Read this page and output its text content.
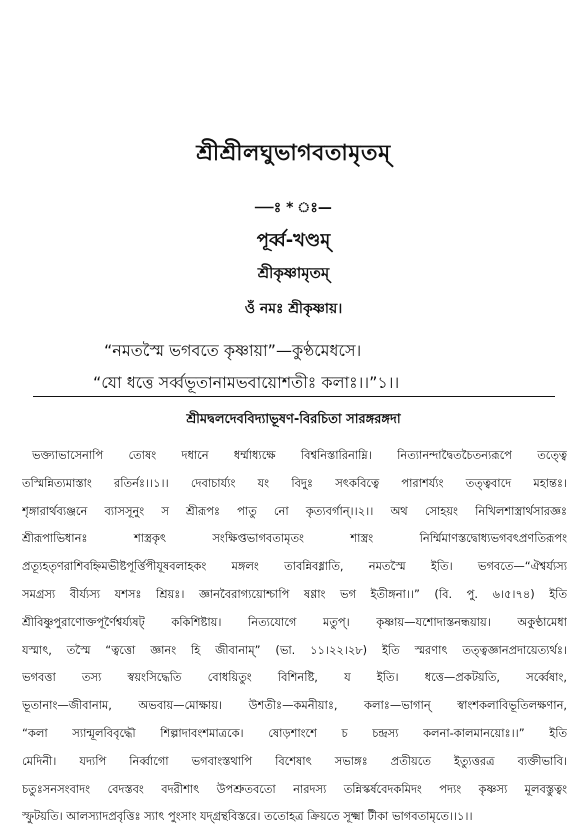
শ্রীশ্রীলঘুভাগবতামৃতম্‌
—ঃ * ঃ—
পূর্ব্ব-খণ্ডম্‌
শ্রীকৃষ্ণামৃতম্‌
ওঁ নমঃ শ্রীকৃষ্ণায়।
“নমতস্মৈ ভগবতে কৃষ্ণায়া”—কুণ্ঠমেধসে।
“যো ধত্তে সর্ব্বভূতানামভবায়োশতীঃ কলাঃ।।”১।।
শ্রীমদ্বলদেববিদ্যাভূষণ-বিরচিতা সারঙ্গরঙ্গদা
ভক্ত্যাভাসেনাপি তোষং দধানে ধর্ম্মাধ্যক্ষে বিশ্বনিস্তারিনাম্নি। নিত্যানন্দাদ্বৈতচৈতন্যরূপে তত্ত্বে
তস্মিন্নিত্যমাস্তাং রতির্নঃ।।১।। দেবাচার্য্যং যং বিদুঃ সৎকবিত্বে পারাশর্য্যং তত্ত্ববাদে মহান্তঃ।
শৃঙ্গারার্থব্যঞ্জনে ব্যাসসূনুং স শ্রীরূপঃ পাতু নো কৃত্যবর্গান্‌।।২।। অথ সোহয়ং নিখিলশাস্ত্রার্থসারজ্ঞঃ
শ্রীরূপাভিধানঃ শাস্ত্রকৃৎ সংক্ষিপ্তভাগবতামৃতং শাস্ত্রং নির্ম্মিমাণস্তদ্বোধ্যভগবৎপ্রণতিরূপং
প্রত্যূহতৃণরাশিবহ্নিমভীষ্টপূর্ত্তিপীযূষবলাহকং মঙ্গলং তাবন্নিবধ্নাতি, নমতস্মৈ ইতি। ভগবতে—“ঐশ্বর্য্যস্য
সমগ্রস্য বীর্য্যস্য যশসঃ শ্রিয়ঃ। জ্ঞানবৈরাগ্যয়োশ্চাপি ষণ্ণাং ভগ ইতীঙ্গনা।।” (বি. পু. ৬।৫।৭৪) ইতি
শ্রীবিষ্ণুপুরাণোক্তপূর্ণৈশ্বর্য্যষট্‌ ককিশিষ্টায়। নিত্যযোগে মতুপ্‌। কৃষ্ণায়—যশোদাস্তনন্ধয়ায়। অকুণ্ঠামেধা
যস্মাৎ, তস্মৈ “ত্বত্তো জ্ঞানং হি জীবানাম্‌” (ভা. ১১।২২।২৮) ইতি স্মরণাৎ তত্ত্বজ্ঞানপ্রদায়েত্যর্থঃ।
ভগবত্তা তস্য স্বয়ংসিদ্ধেতি বোধয়িতুং বিশিনষ্টি, য ইতি। ধত্তে—প্রকটয়তি, সর্ব্বেষাং,
ভূতানাং—জীবানাম, অভবায়—মোক্ষায়। উশতীঃ—কমনীয়াঃ, কলাঃ—ভাগান্‌ স্বাংশকলাবিভূতিলক্ষণান,
“কলা স্যান্মূলবিবৃদ্ধৌ শিল্পাদাবংশমাত্রকে। ষোড়শাংশে চ চন্দ্রস্য কলনা-কালমানয়োঃ।।” ইতি
মেদিনী। যদ্যপি নির্ব্বাগো ভগবাংস্তথাপি বিশেষাৎ সভাঙ্গঃ প্রতীয়তে ইত্যুত্তরত্র ব্যক্তীভাবি।
চতুঃসনসংবাদং বেদস্তবং বদরীশাৎ উপশ্রুতবতো নারদস্য তন্নিস্কর্ষবেদকমিদং পদ্যং কৃষ্ণস্য মূলবস্তুত্বং
স্ফুটয়তি। আলস্যাদপ্রবৃত্তিঃ স্যাৎ পুংসাং যদ্গ্রন্থবিস্তরে। ততোহত্র ক্রিয়তে সূক্ষ্মা টীকা ভাগবতামৃতে।।১।।
